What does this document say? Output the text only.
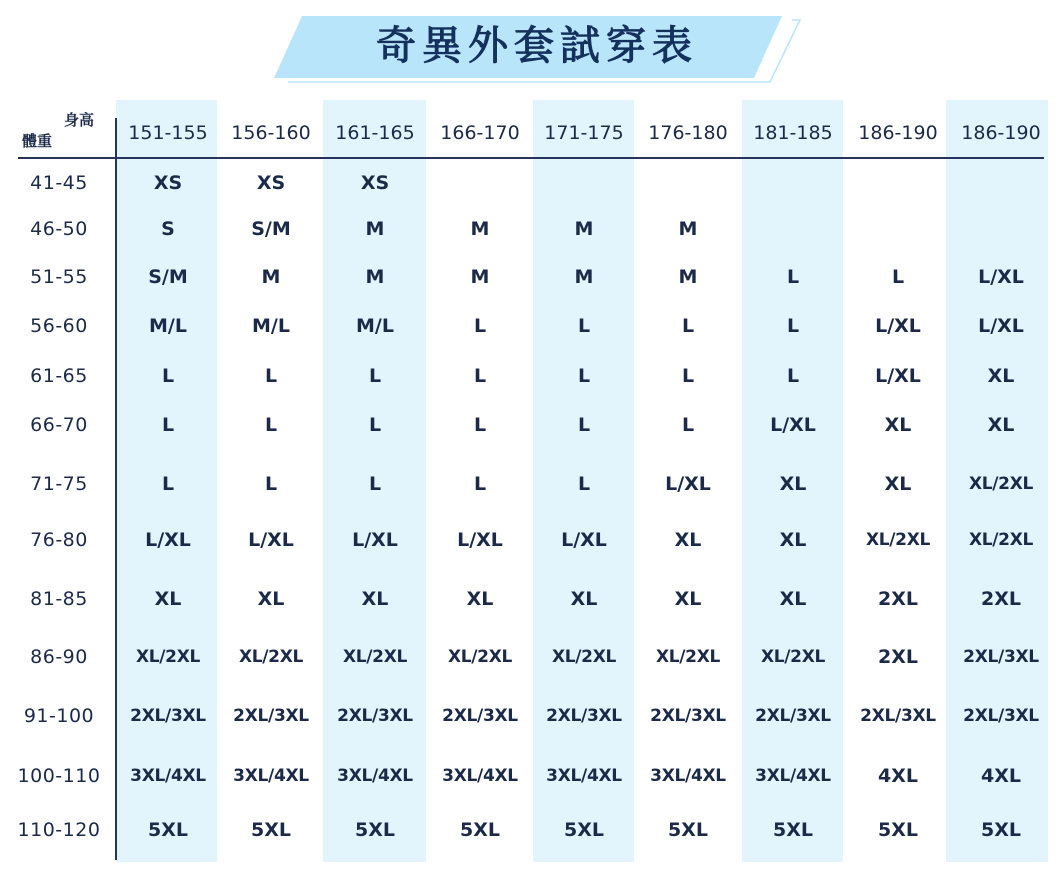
奇異外套試穿表
身高
體重	151-155	156-160	161-165	166-170	171-175	176-180	181-185	186-190	186-190
41-45	XS	XS	XS
46-50	S	S/M	M	M	M	M
51-55	S/M	M	M	M	M	M	L	L	L/XL
56-60	M/L	M/L	M/L	L	L	L	L	L/XL	L/XL
61-65	L	L	L	L	L	L	L	L/XL	XL
66-70	L	L	L	L	L	L	L/XL	XL	XL
71-75	L	L	L	L	L	L/XL	XL	XL	XL/2XL
76-80	L/XL	L/XL	L/XL	L/XL	L/XL	XL	XL	XL/2XL	XL/2XL
81-85	XL	XL	XL	XL	XL	XL	XL	2XL	2XL
86-90	XL/2XL	XL/2XL	XL/2XL	XL/2XL	XL/2XL	XL/2XL	XL/2XL	2XL	2XL/3XL
91-100	2XL/3XL	2XL/3XL	2XL/3XL	2XL/3XL	2XL/3XL	2XL/3XL	2XL/3XL	2XL/3XL	2XL/3XL
100-110	3XL/4XL	3XL/4XL	3XL/4XL	3XL/4XL	3XL/4XL	3XL/4XL	3XL/4XL	4XL	4XL
110-120	5XL	5XL	5XL	5XL	5XL	5XL	5XL	5XL	5XL
